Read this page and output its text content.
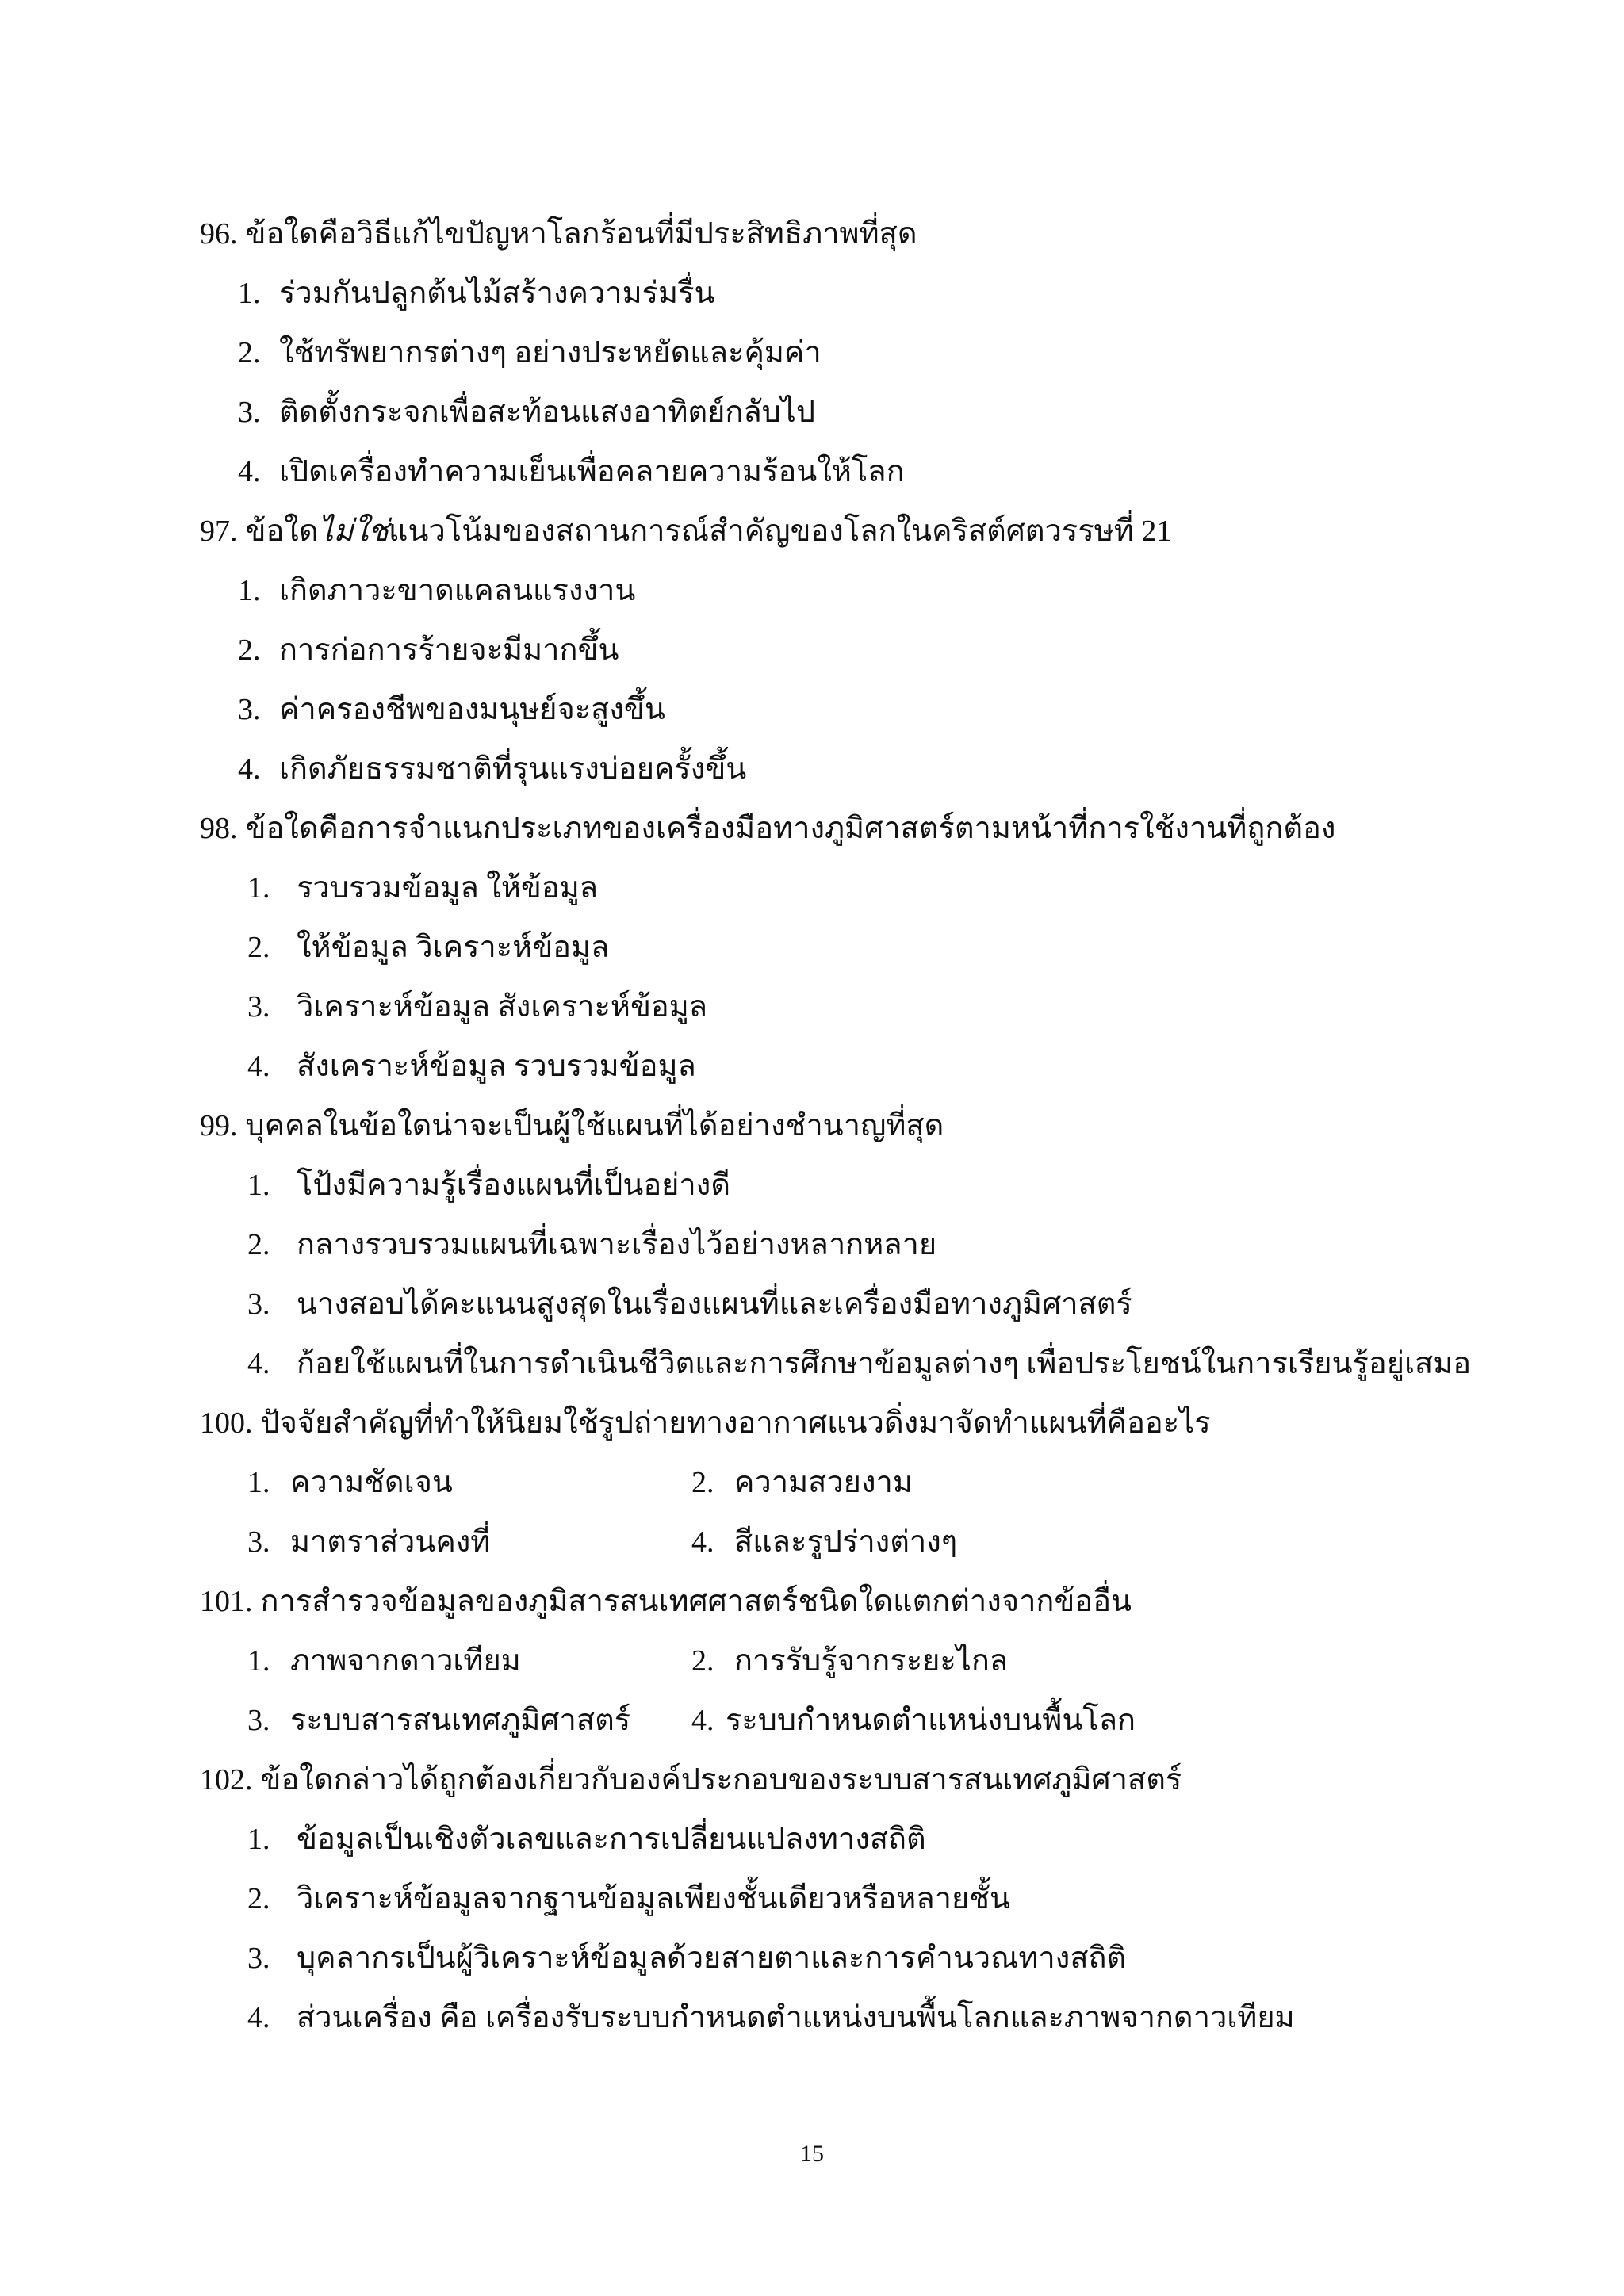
96. ข้อใดคือวิธีแก้ไขปัญหาโลกร้อนที่มีประสิทธิภาพที่สุด
1. ร่วมกันปลูกต้นไม้สร้างความร่มรื่น
2. ใช้ทรัพยากรต่างๆ อย่างประหยัดและคุ้มค่า
3. ติดตั้งกระจกเพื่อสะท้อนแสงอาทิตย์กลับไป
4. เปิดเครื่องทำความเย็นเพื่อคลายความร้อนให้โลก
97. ข้อใดไม่ใช่แนวโน้มของสถานการณ์สำคัญของโลกในคริสต์ศตวรรษที่ 21
1. เกิดภาวะขาดแคลนแรงงาน
2. การก่อการร้ายจะมีมากขึ้น
3. ค่าครองชีพของมนุษย์จะสูงขึ้น
4. เกิดภัยธรรมชาติที่รุนแรงบ่อยครั้งขึ้น
98. ข้อใดคือการจำแนกประเภทของเครื่องมือทางภูมิศาสตร์ตามหน้าที่การใช้งานที่ถูกต้อง
1. รวบรวมข้อมูล ให้ข้อมูล
2. ให้ข้อมูล วิเคราะห์ข้อมูล
3. วิเคราะห์ข้อมูล สังเคราะห์ข้อมูล
4. สังเคราะห์ข้อมูล รวบรวมข้อมูล
99. บุคคลในข้อใดน่าจะเป็นผู้ใช้แผนที่ได้อย่างชำนาญที่สุด
1. โป้งมีความรู้เรื่องแผนที่เป็นอย่างดี
2. กลางรวบรวมแผนที่เฉพาะเรื่องไว้อย่างหลากหลาย
3. นางสอบได้คะแนนสูงสุดในเรื่องแผนที่และเครื่องมือทางภูมิศาสตร์
4. ก้อยใช้แผนที่ในการดำเนินชีวิตและการศึกษาข้อมูลต่างๆ เพื่อประโยชน์ในการเรียนรู้อยู่เสมอ
100. ปัจจัยสำคัญที่ทำให้นิยมใช้รูปถ่ายทางอากาศแนวดิ่งมาจัดทำแผนที่คืออะไร
1. ความชัดเจน	2. ความสวยงาม
3. มาตราส่วนคงที่	4. สีและรูปร่างต่างๆ
101. การสำรวจข้อมูลของภูมิสารสนเทศศาสตร์ชนิดใดแตกต่างจากข้ออื่น
1. ภาพจากดาวเทียม	2. การรับรู้จากระยะไกล
3. ระบบสารสนเทศภูมิศาสตร์ 4. ระบบกำหนดตำแหน่งบนพื้นโลก
102. ข้อใดกล่าวได้ถูกต้องเกี่ยวกับองค์ประกอบของระบบสารสนเทศภูมิศาสตร์
1. ข้อมูลเป็นเชิงตัวเลขและการเปลี่ยนแปลงทางสถิติ
2. วิเคราะห์ข้อมูลจากฐานข้อมูลเพียงชั้นเดียวหรือหลายชั้น
3. บุคลากรเป็นผู้วิเคราะห์ข้อมูลด้วยสายตาและการคำนวณทางสถิติ
4. ส่วนเครื่อง คือ เครื่องรับระบบกำหนดตำแหน่งบนพื้นโลกและภาพจากดาวเทียม
15
